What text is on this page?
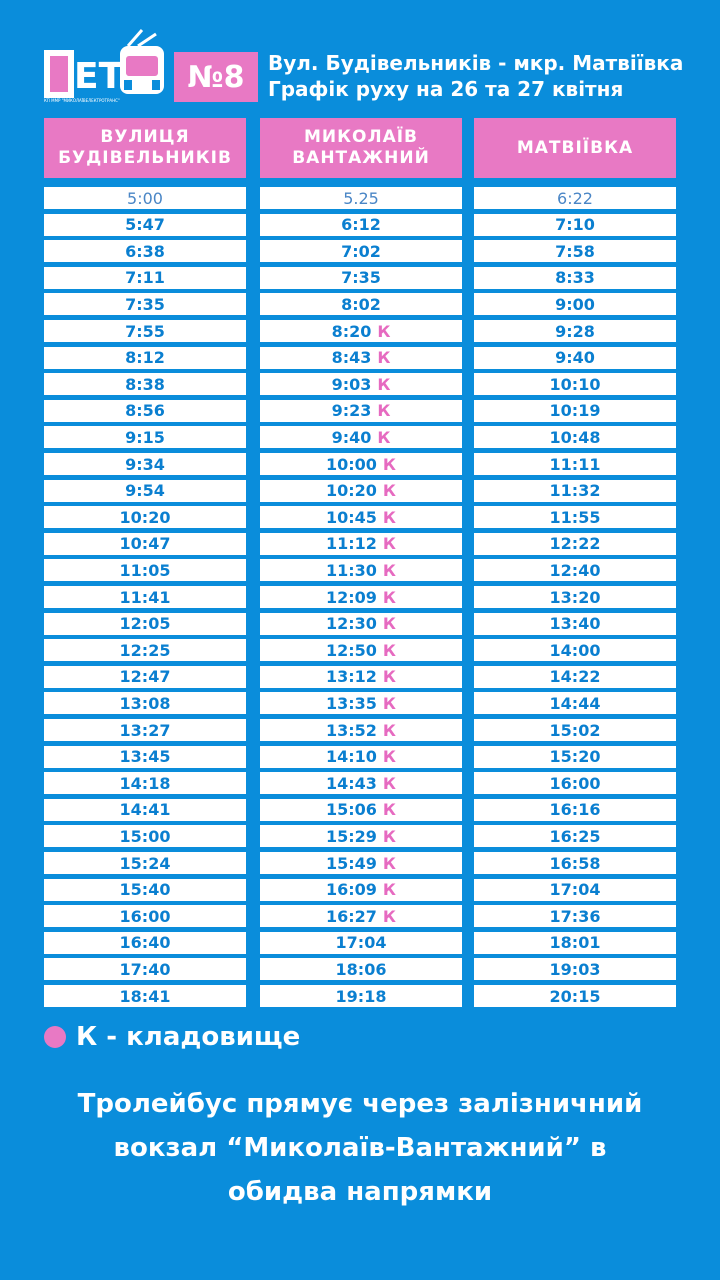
ЕТ
КП ММР "МИКОЛАЇВЕЛЕКТРОТРАНС"
№8	Вул. Будівельників - мкр. Матвіївка
Графік руху на 26 та 27 квітня
ВУЛИЦЯ
БУДІВЕЛЬНИКІВ
5:00
5:47
6:38
7:11
7:35
7:55
8:12
8:38
8:56
9:15
9:34
9:54
10:20
10:47
11:05
11:41
12:05
12:25
12:47
13:08
13:27
13:45
14:18
14:41
15:00
15:24
15:40
16:00
16:40
17:40
18:41
МИКОЛАЇВ
ВАНТАЖНИЙ
5.25
6:12
7:02
7:35
8:02
8:20 К
8:43 К
9:03 К
9:23 К
9:40 К
10:00 К
10:20 К
10:45 К
11:12 К
11:30 К
12:09 К
12:30 К
12:50 К
13:12 К
13:35 К
13:52 К
14:10 К
14:43 К
15:06 К
15:29 К
15:49 К
16:09 К
16:27 К
17:04
18:06
19:18
МАТВІЇВКА
6:22
7:10
7:58
8:33
9:00
9:28
9:40
10:10
10:19
10:48
11:11
11:32
11:55
12:22
12:40
13:20
13:40
14:00
14:22
14:44
15:02
15:20
16:00
16:16
16:25
16:58
17:04
17:36
18:01
19:03
20:15
К - кладовище
Тролейбус прямує через залізничний
вокзал “Миколаїв-Вантажний” в
обидва напрямки
